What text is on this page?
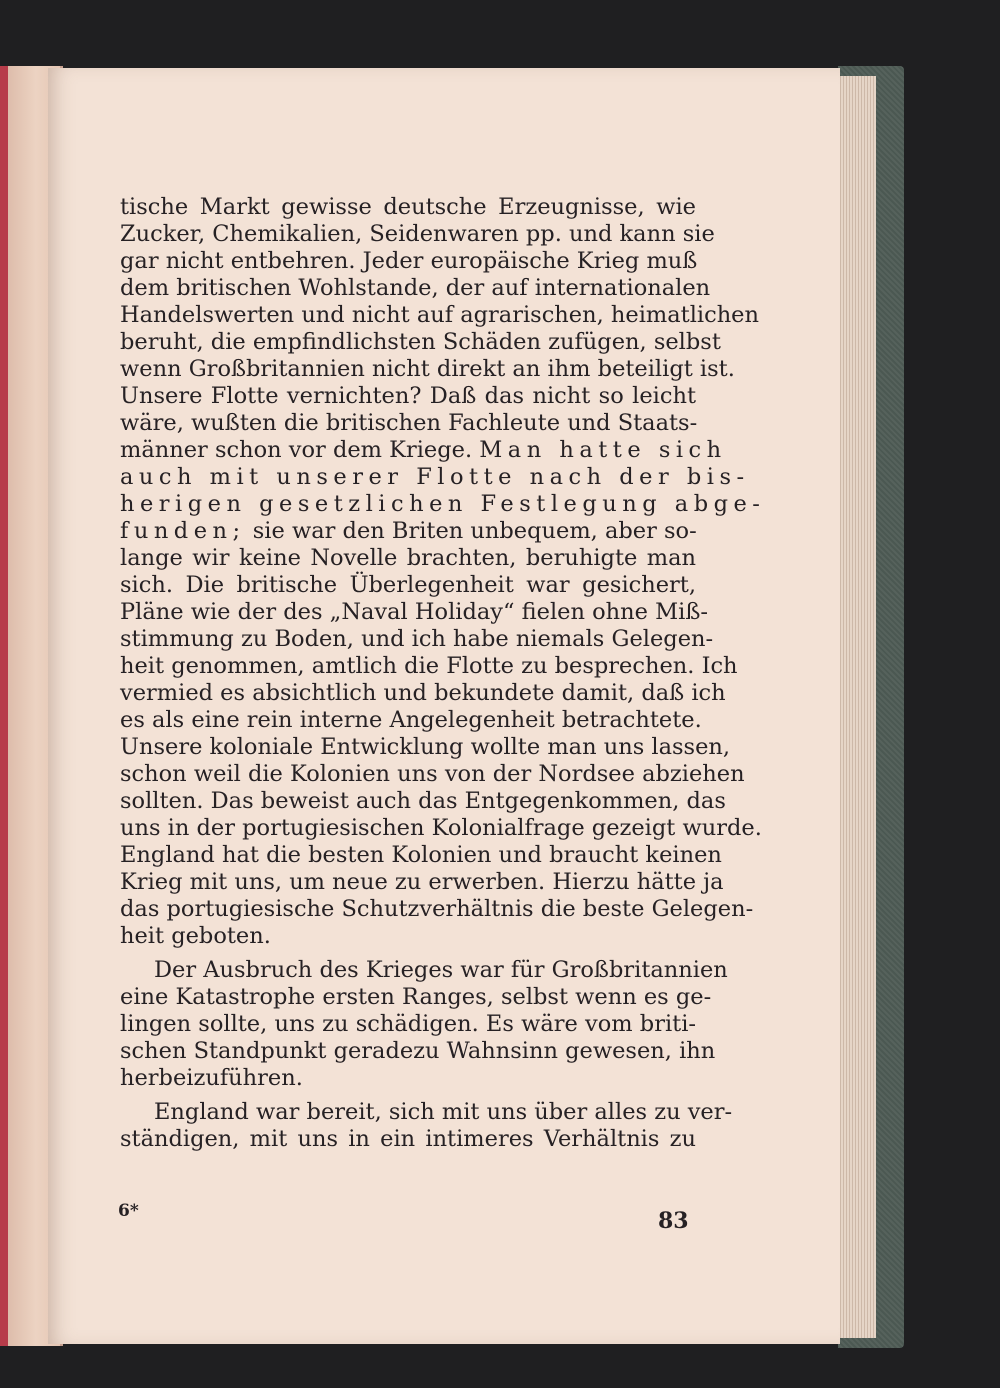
tische Markt gewisse deutsche Erzeugnisse, wie
Zucker, Chemikalien, Seidenwaren pp. und kann sie
gar nicht entbehren. Jeder europäische Krieg muß
dem britischen Wohlstande, der auf internationalen
Handelswerten und nicht auf agrarischen, heimatlichen
beruht, die empfindlichsten Schäden zufügen, selbst
wenn Großbritannien nicht direkt an ihm beteiligt ist.
Unsere Flotte vernichten? Daß das nicht so leicht
wäre, wußten die britischen Fachleute und Staats-
männer schon vor dem Kriege. Man hatte sich
auch mit unserer Flotte nach der bis-
herigen gesetzlichen Festlegung abge-
funden; sie war den Briten unbequem, aber so-
lange wir keine Novelle brachten, beruhigte man
sich. Die britische Überlegenheit war gesichert,
Pläne wie der des „Naval Holiday“ fielen ohne Miß-
stimmung zu Boden, und ich habe niemals Gelegen-
heit genommen, amtlich die Flotte zu besprechen. Ich
vermied es absichtlich und bekundete damit, daß ich
es als eine rein interne Angelegenheit betrachtete.
Unsere koloniale Entwicklung wollte man uns lassen,
schon weil die Kolonien uns von der Nordsee abziehen
sollten. Das beweist auch das Entgegenkommen, das
uns in der portugiesischen Kolonialfrage gezeigt wurde.
England hat die besten Kolonien und braucht keinen
Krieg mit uns, um neue zu erwerben. Hierzu hätte ja
das portugiesische Schutzverhältnis die beste Gelegen-
heit geboten.
Der Ausbruch des Krieges war für Großbritannien
eine Katastrophe ersten Ranges, selbst wenn es ge-
lingen sollte, uns zu schädigen. Es wäre vom briti-
schen Standpunkt geradezu Wahnsinn gewesen, ihn
herbeizuführen.
England war bereit, sich mit uns über alles zu ver-
ständigen, mit uns in ein intimeres Verhältnis zu
6*	83
